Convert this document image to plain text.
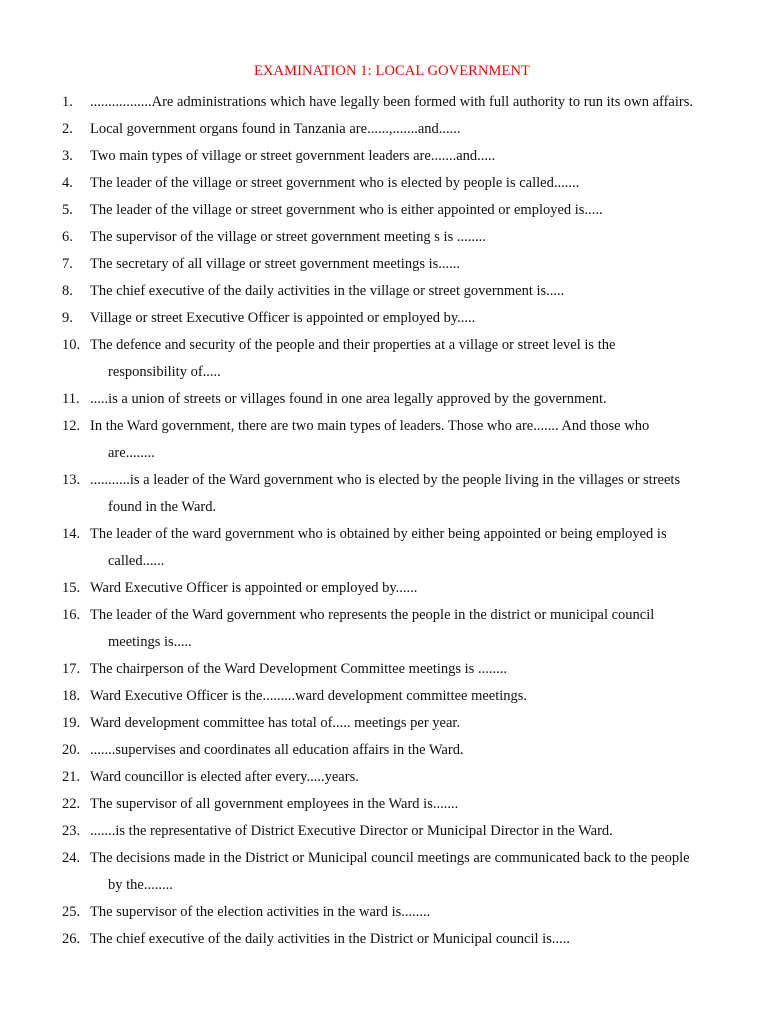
EXAMINATION 1: LOCAL GOVERNMENT
1. .................Are administrations which have legally been formed with full authority to run its own affairs.
2. Local government organs found in Tanzania are......,.......and......
3. Two main types of village or street government leaders are.......and.....
4. The leader of the village or street government who is elected by people is called.......
5. The leader of the village or street government who is either appointed or employed is.....
6. The supervisor of the village or street government meeting s is ........
7. The secretary of all village or street government meetings is......
8. The chief executive of the daily activities in the village or street government is.....
9. Village or street Executive Officer is appointed or employed by.....
10. The defence and security of the people and their properties at a village or street level is the
responsibility of.....
11. .....is a union of streets or villages found in one area legally approved by the government.
12. In the Ward government, there are two main types of leaders. Those who are....... And those who
are........
13. ...........is a leader of the Ward government who is elected by the people living in the villages or streets
found in the Ward.
14. The leader of the ward government who is obtained by either being appointed or being employed is
called......
15. Ward Executive Officer is appointed or employed by......
16. The leader of the Ward government who represents the people in the district or municipal council
meetings is.....
17. The chairperson of the Ward Development Committee meetings is ........
18. Ward Executive Officer is the.........ward development committee meetings.
19. Ward development committee has total of..... meetings per year.
20. .......supervises and coordinates all education affairs in the Ward.
21. Ward councillor is elected after every.....years.
22. The supervisor of all government employees in the Ward is.......
23. .......is the representative of District Executive Director or Municipal Director in the Ward.
24. The decisions made in the District or Municipal council meetings are communicated back to the people
by the........
25. The supervisor of the election activities in the ward is........
26. The chief executive of the daily activities in the District or Municipal council is.....
